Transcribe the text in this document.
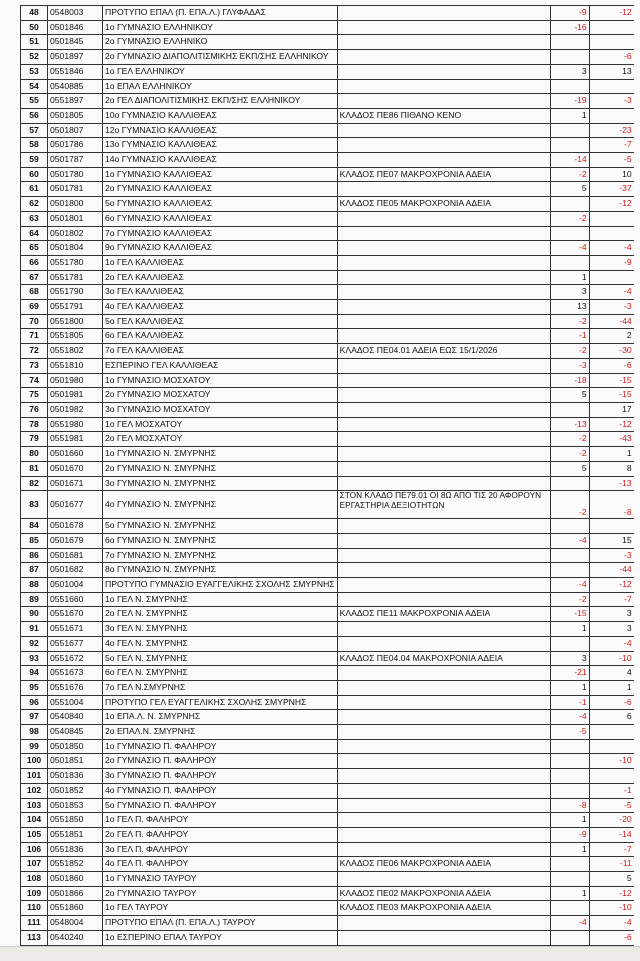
48	0548003	ΠΡΟΤΥΠΟ ΕΠΑΛ (Π. ΕΠΑ.Λ.) ΓΛΥΦΑΔΑΣ		-9	-12
50	0501846	1ο ΓΥΜΝΑΣΙΟ ΕΛΛΗΝΙΚΟΥ		-16	
51	0501845	2ο ΓΥΜΝΑΣΙΟ ΕΛΛΗΝΙΚΟ			
52	0501897	2ο ΓΥΜΝΑΣΙΟ ΔΙΑΠΟΛΙΤΙΣΜΙΚΗΣ ΕΚΠ/ΣΗΣ ΕΛΛΗΝΙΚΟΥ			-6
53	0551846	1ο ΓΕΛ ΕΛΛΗΝΙΚΟΥ		3	13
54	0540885	1ο ΕΠΑΛ ΕΛΛΗΝΙΚΟΥ			
55	0551897	2ο ΓΕΛ ΔΙΑΠΟΛΙΤΙΣΜΙΚΗΣ ΕΚΠ/ΣΗΣ ΕΛΛΗΝΙΚΟΥ		-19	-3
56	0501805	10ο ΓΥΜΝΑΣΙΟ ΚΑΛΛΙΘΕΑΣ	ΚΛΑΔΟΣ ΠΕ86 ΠΙΘΑΝΟ ΚΕΝΟ	1	
57	0501807	12ο ΓΥΜΝΑΣΙΟ ΚΑΛΛΙΘΕΑΣ			-23
58	0501786	13ο ΓΥΜΝΑΣΙΟ ΚΑΛΛΙΘΕΑΣ			-7
59	0501787	14ο ΓΥΜΝΑΣΙΟ ΚΑΛΛΙΘΕΑΣ		-14	-5
60	0501780	1ο ΓΥΜΝΑΣΙΟ ΚΑΛΛΙΘΕΑΣ	ΚΛΑΔΟΣ ΠΕ07 ΜΑΚΡΟΧΡΟΝΙΑ ΑΔΕΙΑ	-2	10
61	0501781	2ο ΓΥΜΝΑΣΙΟ ΚΑΛΛΙΘΕΑΣ		5	-37
62	0501800	5ο ΓΥΜΝΑΣΙΟ ΚΑΛΛΙΘΕΑΣ	ΚΛΑΔΟΣ ΠΕ05 ΜΑΚΡΟΧΡΟΝΙΑ ΑΔΕΙΑ		-12
63	0501801	6ο ΓΥΜΝΑΣΙΟ ΚΑΛΛΙΘΕΑΣ		-2	
64	0501802	7ο ΓΥΜΝΑΣΙΟ ΚΑΛΛΙΘΕΑΣ			
65	0501804	9ο ΓΥΜΝΑΣΙΟ ΚΑΛΛΙΘΕΑΣ		-4	-4
66	0551780	1ο ΓΕΛ ΚΑΛΛΙΘΕΑΣ			-9
67	0551781	2ο ΓΕΛ ΚΑΛΛΙΘΕΑΣ		1	
68	0551790	3ο ΓΕΛ ΚΑΛΛΙΘΕΑΣ		3	-4
69	0551791	4ο ΓΕΛ ΚΑΛΛΙΘΕΑΣ		13	-3
70	0551800	5ο ΓΕΛ ΚΑΛΛΙΘΕΑΣ		-2	-44
71	0551805	6ο ΓΕΛ ΚΑΛΛΙΘΕΑΣ		-1	2
72	0551802	7ο ΓΕΛ ΚΑΛΛΙΘΕΑΣ	ΚΛΑΔΟΣ ΠΕ04.01 ΑΔΕΙΑ ΕΩΣ 15/1/2026	-2	-30
73	0551810	ΕΣΠΕΡΙΝΟ ΓΕΛ ΚΑΛΛΙΘΕΑΣ		-3	-6
74	0501980	1ο ΓΥΜΝΑΣΙΟ ΜΟΣΧΑΤΟΥ		-18	-15
75	0501981	2ο ΓΥΜΝΑΣΙΟ ΜΟΣΧΑΤΟΥ		5	-15
76	0501982	3ο ΓΥΜΝΑΣΙΟ ΜΟΣΧΑΤΟΥ			17
78	0551980	1ο ΓΕΛ ΜΟΣΧΑΤΟΥ		-13	-12
79	0551981	2ο ΓΕΛ ΜΟΣΧΑΤΟΥ		-2	-43
80	0501660	1ο ΓΥΜΝΑΣΙΟ Ν. ΣΜΥΡΝΗΣ		-2	1
81	0501670	2ο ΓΥΜΝΑΣΙΟ Ν. ΣΜΥΡΝΗΣ		5	8
82	0501671	3ο ΓΥΜΝΑΣΙΟ Ν. ΣΜΥΡΝΗΣ			-13
83	0501677	4ο ΓΥΜΝΑΣΙΟ Ν. ΣΜΥΡΝΗΣ	ΣΤΟΝ ΚΛΑΔΟ ΠΕ79.01 ΟΙ 8Ω ΑΠΟ ΤΙΣ 20 ΑΦΟΡΟΥΝ ΕΡΓΑΣΤΗΡΙΑ ΔΕΞΙΟΤΗΤΩΝ	-2	-8
84	0501678	5ο ΓΥΜΝΑΣΙΟ Ν. ΣΜΥΡΝΗΣ			
85	0501679	6ο ΓΥΜΝΑΣΙΟ Ν. ΣΜΥΡΝΗΣ		-4	15
86	0501681	7ο ΓΥΜΝΑΣΙΟ Ν. ΣΜΥΡΝΗΣ			-3
87	0501682	8ο ΓΥΜΝΑΣΙΟ Ν. ΣΜΥΡΝΗΣ			-44
88	0501004	ΠΡΟΤΥΠΟ ΓΥΜΝΑΣΙΟ ΕΥΑΓΓΕΛΙΚΗΣ ΣΧΟΛΗΣ ΣΜΥΡΝΗΣ		-4	-12
89	0551660	1ο ΓΕΛ Ν. ΣΜΥΡΝΗΣ		-2	-7
90	0551670	2ο ΓΕΛ Ν. ΣΜΥΡΝΗΣ	ΚΛΑΔΟΣ ΠΕ11 ΜΑΚΡΟΧΡΟΝΙΑ ΑΔΕΙΑ	-15	3
91	0551671	3ο ΓΕΛ Ν. ΣΜΥΡΝΗΣ		1	3
92	0551677	4ο ΓΕΛ Ν. ΣΜΥΡΝΗΣ			-4
93	0551672	5ο ΓΕΛ Ν. ΣΜΥΡΝΗΣ	ΚΛΑΔΟΣ ΠΕ04.04 ΜΑΚΡΟΧΡΟΝΙΑ ΑΔΕΙΑ	3	-10
94	0551673	6ο ΓΕΛ Ν. ΣΜΥΡΝΗΣ		-21	4
95	0551676	7ο ΓΕΛ Ν.ΣΜΥΡΝΗΣ		1	1
96	0551004	ΠΡΟΤΥΠΟ ΓΕΛ ΕΥΑΓΓΕΛΙΚΗΣ ΣΧΟΛΗΣ ΣΜΥΡΝΗΣ		-1	-6
97	0540840	1ο ΕΠΑ.Λ. Ν. ΣΜΥΡΝΗΣ		-4	6
98	0540845	2ο ΕΠΑΛ.Ν. ΣΜΥΡΝΗΣ		-5	
99	0501850	1ο ΓΥΜΝΑΣΙΟ Π. ΦΑΛΗΡΟΥ			
100	0501851	2ο ΓΥΜΝΑΣΙΟ Π. ΦΑΛΗΡΟΥ			-10
101	0501836	3ο ΓΥΜΝΑΣΙΟ Π. ΦΑΛΗΡΟΥ			
102	0501852	4ο ΓΥΜΝΑΣΙΟ Π. ΦΑΛΗΡΟΥ			-1
103	0501853	5ο ΓΥΜΝΑΣΙΟ Π. ΦΑΛΗΡΟΥ		-8	-5
104	0551850	1ο ΓΕΛ Π. ΦΑΛΗΡΟΥ		1	-20
105	0551851	2ο ΓΕΛ Π. ΦΑΛΗΡΟΥ		-9	-14
106	0551836	3ο ΓΕΛ Π. ΦΑΛΗΡΟΥ		1	-7
107	0551852	4ο ΓΕΛ Π. ΦΑΛΗΡΟΥ	ΚΛΑΔΟΣ ΠΕ06 ΜΑΚΡΟΧΡΟΝΙΑ ΑΔΕΙΑ		-11
108	0501860	1ο ΓΥΜΝΑΣΙΟ ΤΑΥΡΟΥ			5
109	0501866	2ο ΓΥΜΝΑΣΙΟ ΤΑΥΡΟΥ	ΚΛΑΔΟΣ ΠΕ02 ΜΑΚΡΟΧΡΟΝΙΑ ΑΔΕΙΑ	1	-12
110	0551860	1ο ΓΕΛ ΤΑΥΡΟΥ	ΚΛΑΔΟΣ ΠΕ03 ΜΑΚΡΟΧΡΟΝΙΑ ΑΔΕΙΑ		-10
111	0548004	ΠΡΟΤΥΠΟ ΕΠΑΛ (Π. ΕΠΑ.Λ.) ΤΑΥΡΟΥ		-4	-4
113	0540240	1ο ΕΣΠΕΡΙΝΟ ΕΠΑΛ ΤΑΥΡΟΥ			-6
